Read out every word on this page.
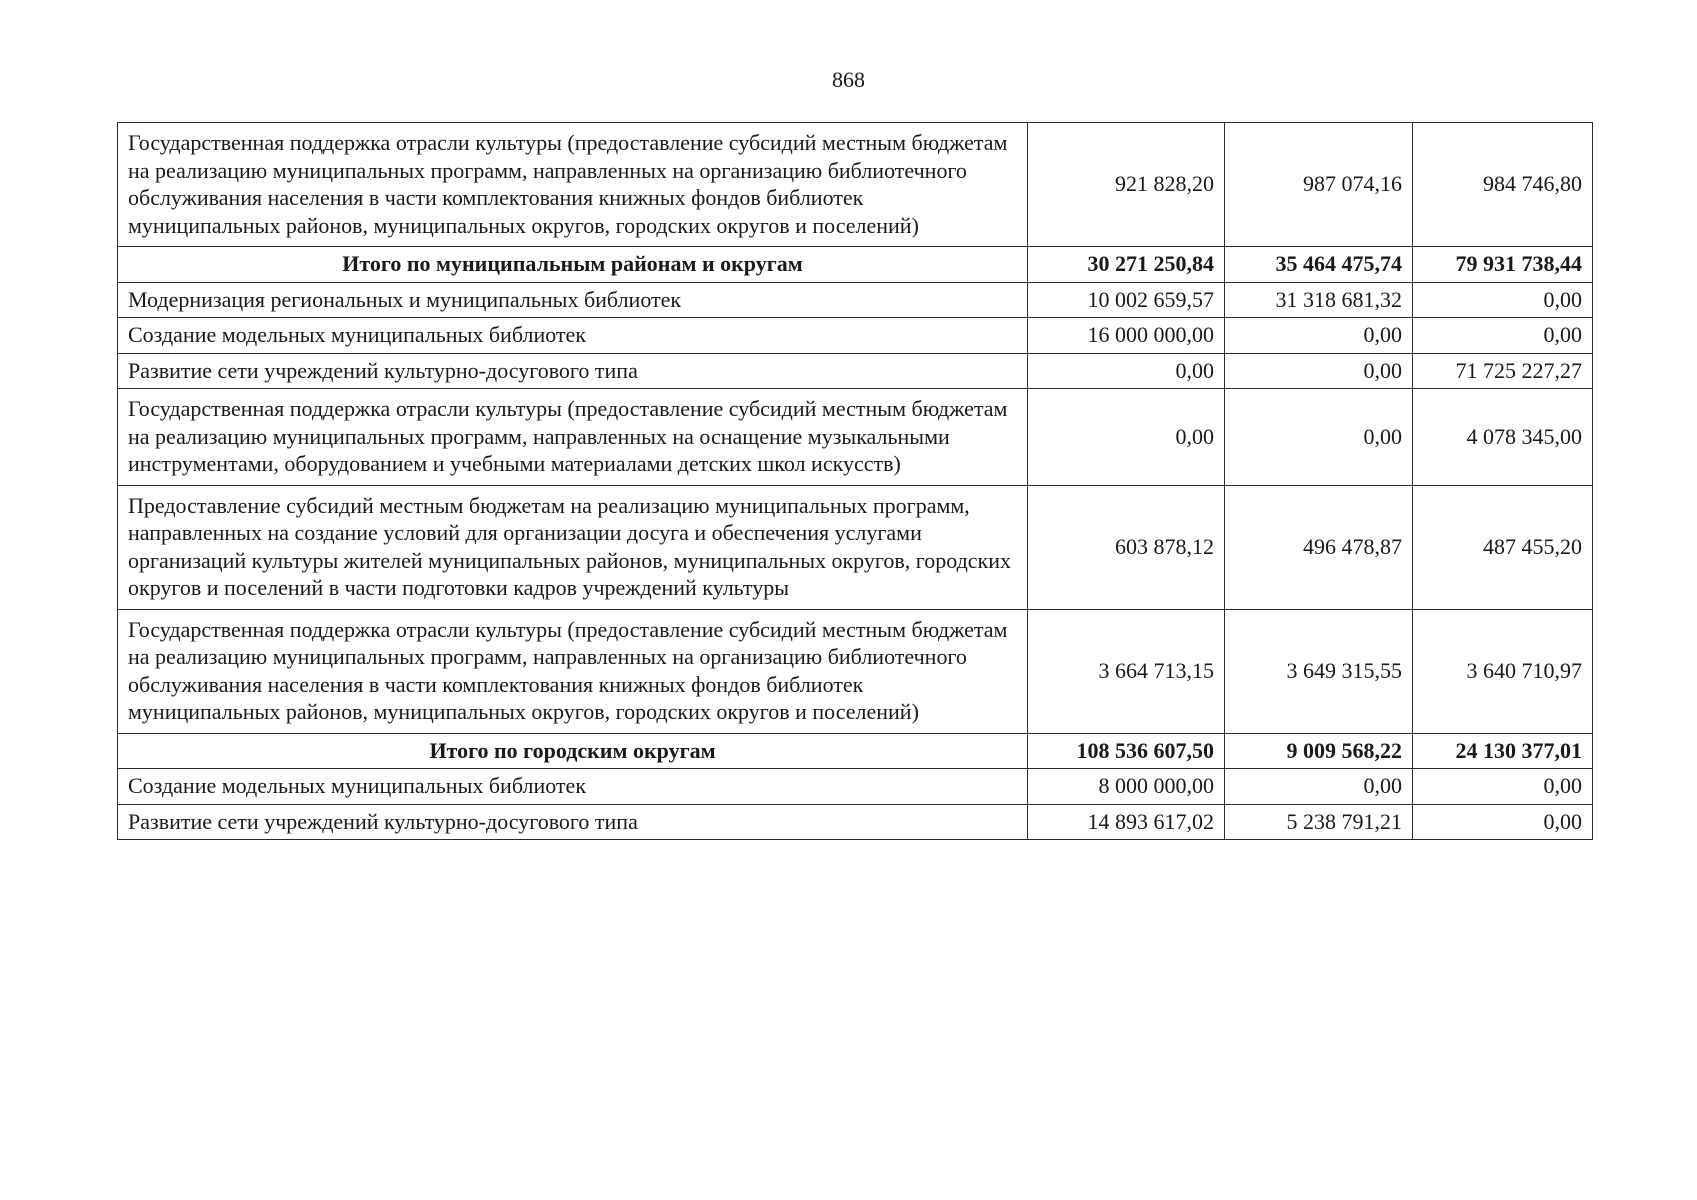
868
Государственная поддержка отрасли культуры (предоставление субсидий местным бюджетам на реализацию муниципальных программ, направленных на организацию библиотечного обслуживания населения в части комплектования книжных фондов библиотек муниципальных районов, муниципальных округов, городских округов и поселений)	921 828,20	987 074,16	984 746,80
Итого по муниципальным районам и округам	30 271 250,84	35 464 475,74	79 931 738,44
Модернизация региональных и муниципальных библиотек	10 002 659,57	31 318 681,32	0,00
Создание модельных муниципальных библиотек	16 000 000,00	0,00	0,00
Развитие сети учреждений культурно-досугового типа	0,00	0,00	71 725 227,27
Государственная поддержка отрасли культуры (предоставление субсидий местным бюджетам на реализацию муниципальных программ, направленных на оснащение музыкальными инструментами, оборудованием и учебными материалами детских школ искусств)	0,00	0,00	4 078 345,00
Предоставление субсидий местным бюджетам на реализацию муниципальных программ, направленных на создание условий для организации досуга и обеспечения услугами организаций культуры жителей муниципальных районов, муниципальных округов, городских округов и поселений в части подготовки кадров учреждений культуры	603 878,12	496 478,87	487 455,20
Государственная поддержка отрасли культуры (предоставление субсидий местным бюджетам на реализацию муниципальных программ, направленных на организацию библиотечного обслуживания населения в части комплектования книжных фондов библиотек муниципальных районов, муниципальных округов, городских округов и поселений)	3 664 713,15	3 649 315,55	3 640 710,97
Итого по городским округам	108 536 607,50	9 009 568,22	24 130 377,01
Создание модельных муниципальных библиотек	8 000 000,00	0,00	0,00
Развитие сети учреждений культурно-досугового типа	14 893 617,02	5 238 791,21	0,00
